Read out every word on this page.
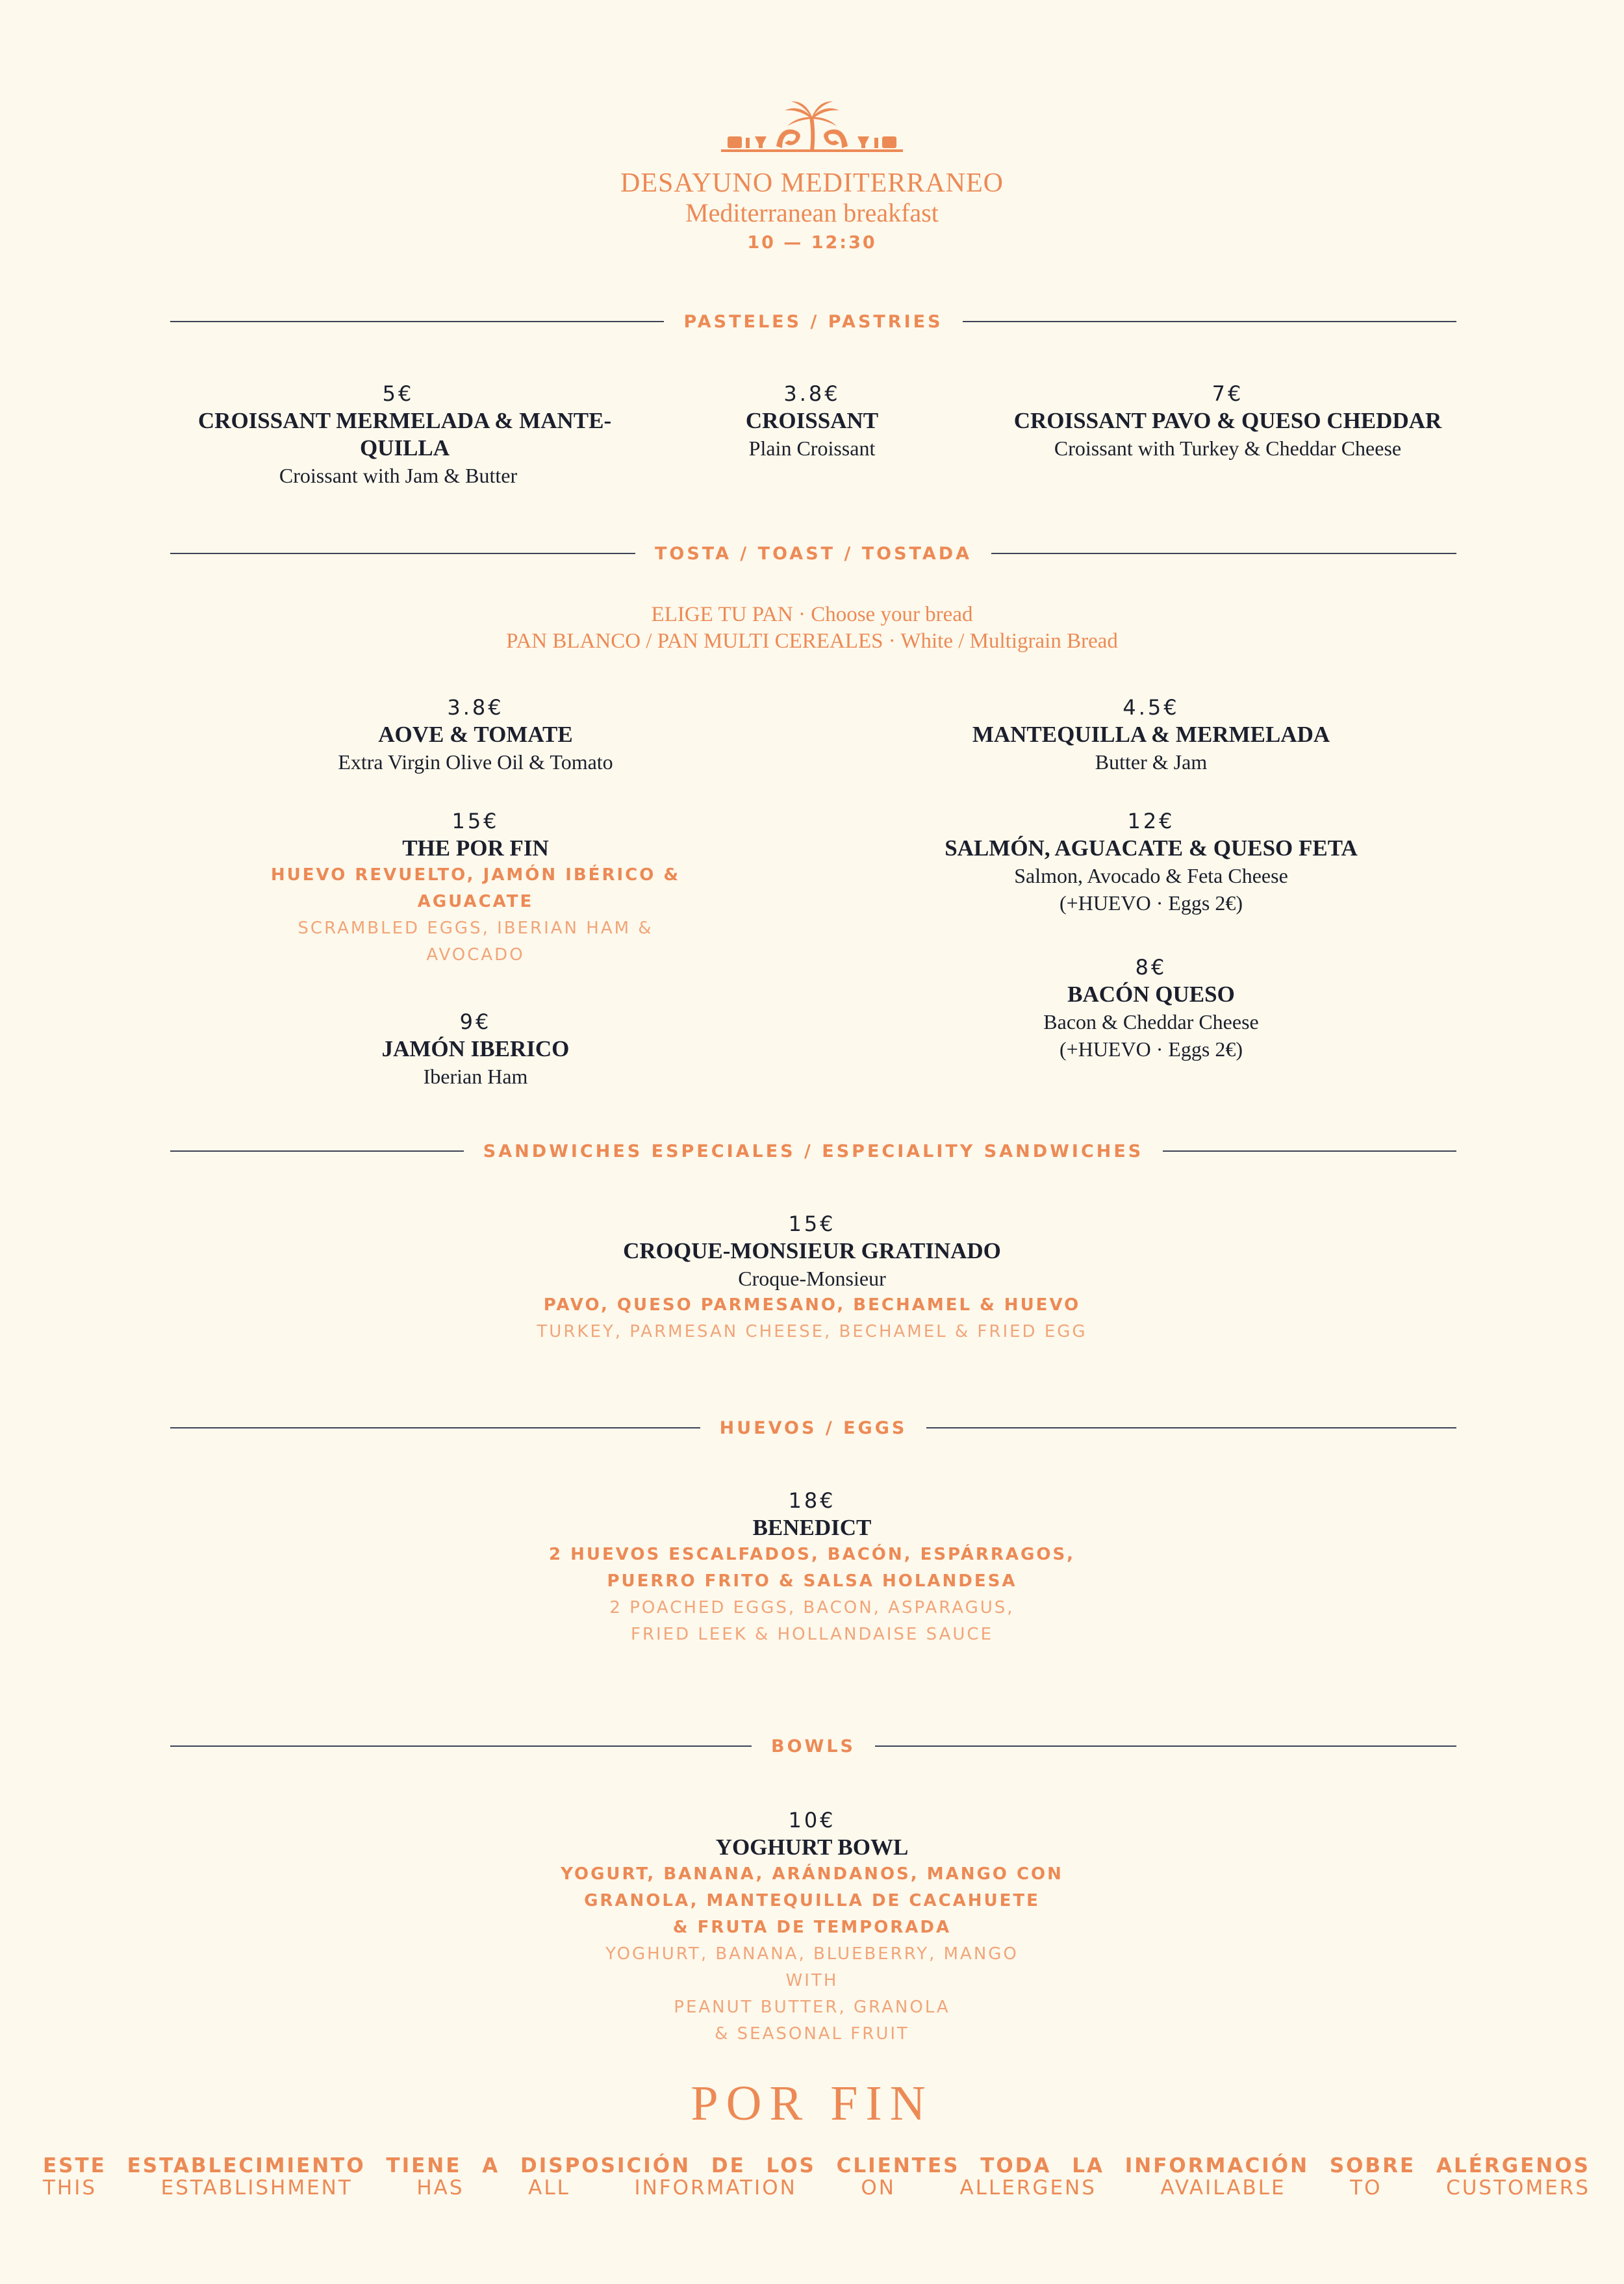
DESAYUNO MEDITERRANEO
Mediterranean breakfast
10 — 12:30
PASTELES / PASTRIES
5€
CROISSANT MERMELADA & MANTE-QUILLA
Croissant with Jam & Butter
3.8€
CROISSANT
Plain Croissant
7€
CROISSANT PAVO & QUESO CHEDDAR
Croissant with Turkey & Cheddar Cheese
TOSTA / TOAST / TOSTADA
ELIGE TU PAN · Choose your bread
PAN BLANCO / PAN MULTI CEREALES · White / Multigrain Bread
3.8€
AOVE & TOMATE
Extra Virgin Olive Oil & Tomato
15€
THE POR FIN
HUEVO REVUELTO, JAMÓN IBÉRICO & AGUACATE
SCRAMBLED EGGS, IBERIAN HAM & AVOCADO
9€
JAMÓN IBERICO
Iberian Ham
4.5€
MANTEQUILLA & MERMELADA
Butter & Jam
12€
SALMÓN, AGUACATE & QUESO FETA
Salmon, Avocado & Feta Cheese
(+HUEVO · Eggs 2€)
8€
BACÓN QUESO
Bacon & Cheddar Cheese
(+HUEVO · Eggs 2€)
SANDWICHES ESPECIALES / ESPECIALITY SANDWICHES
15€
CROQUE-MONSIEUR GRATINADO
Croque-Monsieur
PAVO, QUESO PARMESANO, BECHAMEL & HUEVO
TURKEY, PARMESAN CHEESE, BECHAMEL & FRIED EGG
HUEVOS / EGGS
18€
BENEDICT
2 HUEVOS ESCALFADOS, BACÓN, ESPÁRRAGOS,
PUERRO FRITO & SALSA HOLANDESA
2 POACHED EGGS, BACON, ASPARAGUS,
FRIED LEEK & HOLLANDAISE SAUCE
BOWLS
10€
YOGHURT BOWL
YOGURT, BANANA, ARÁNDANOS, MANGO CON
GRANOLA, MANTEQUILLA DE CACAHUETE
& FRUTA DE TEMPORADA
YOGHURT, BANANA, BLUEBERRY, MANGO
WITH
PEANUT BUTTER, GRANOLA
& SEASONAL FRUIT
POR FIN
ESTE ESTABLECIMIENTO TIENE A DISPOSICIÓN DE LOS CLIENTES TODA LA INFORMACIÓN SOBRE ALÉRGENOS
THIS ESTABLISHMENT HAS ALL INFORMATION ON ALLERGENS AVAILABLE TO CUSTOMERS
